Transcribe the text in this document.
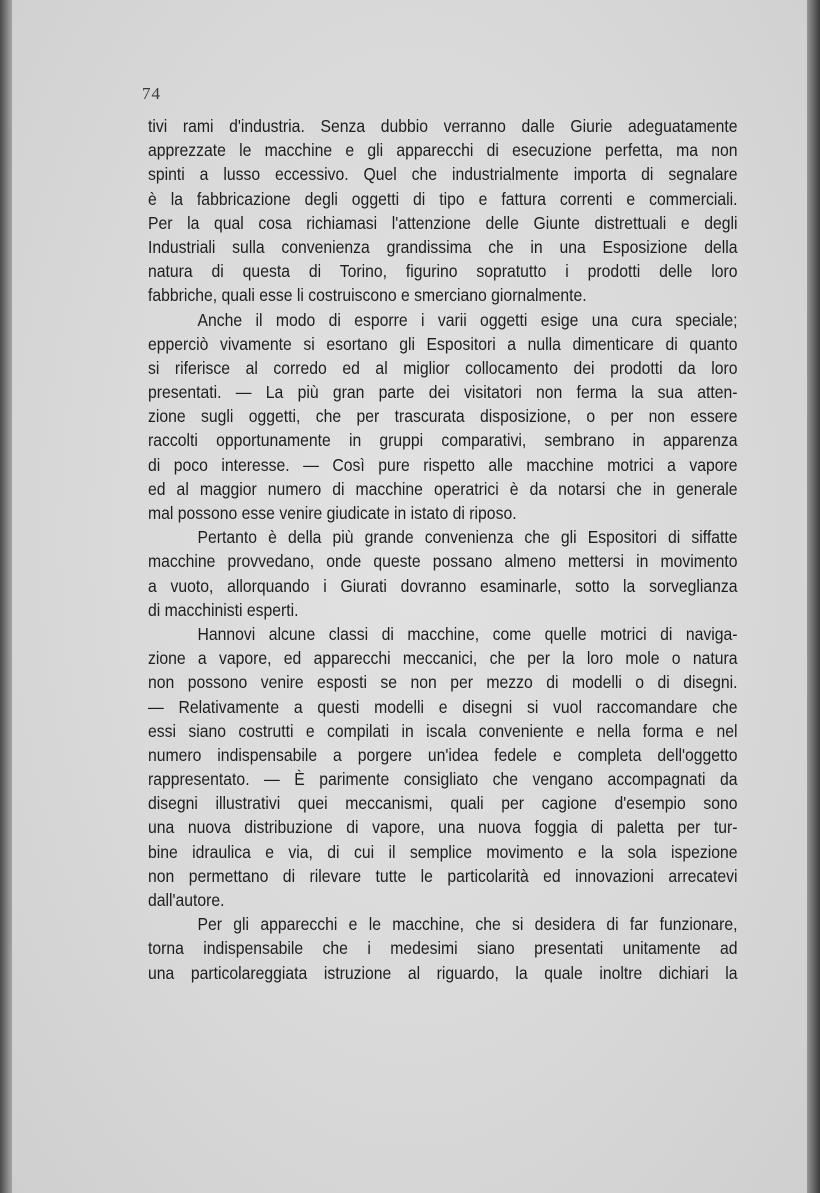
74
tivi rami d'industria. Senza dubbio verranno dalle Giurie adeguatamente
apprezzate le macchine e gli apparecchi di esecuzione perfetta, ma non
spinti a lusso eccessivo. Quel che industrialmente importa di segnalare
è la fabbricazione degli oggetti di tipo e fattura correnti e commerciali.
Per la qual cosa richiamasi l'attenzione delle Giunte distrettuali e degli
Industriali sulla convenienza grandissima che in una Esposizione della
natura di questa di Torino, figurino sopratutto i prodotti delle loro
fabbriche, quali esse li costruiscono e smerciano giornalmente.
Anche il modo di esporre i varii oggetti esige una cura speciale;
epperciò vivamente si esortano gli Espositori a nulla dimenticare di quanto
si riferisce al corredo ed al miglior collocamento dei prodotti da loro
presentati. — La più gran parte dei visitatori non ferma la sua atten-
zione sugli oggetti, che per trascurata disposizione, o per non essere
raccolti opportunamente in gruppi comparativi, sembrano in apparenza
di poco interesse. — Così pure rispetto alle macchine motrici a vapore
ed al maggior numero di macchine operatrici è da notarsi che in generale
mal possono esse venire giudicate in istato di riposo.
Pertanto è della più grande convenienza che gli Espositori di siffatte
macchine provvedano, onde queste possano almeno mettersi in movimento
a vuoto, allorquando i Giurati dovranno esaminarle, sotto la sorveglianza
di macchinisti esperti.
Hannovi alcune classi di macchine, come quelle motrici di naviga-
zione a vapore, ed apparecchi meccanici, che per la loro mole o natura
non possono venire esposti se non per mezzo di modelli o di disegni.
— Relativamente a questi modelli e disegni si vuol raccomandare che
essi siano costrutti e compilati in iscala conveniente e nella forma e nel
numero indispensabile a porgere un'idea fedele e completa dell'oggetto
rappresentato. — È parimente consigliato che vengano accompagnati da
disegni illustrativi quei meccanismi, quali per cagione d'esempio sono
una nuova distribuzione di vapore, una nuova foggia di paletta per tur-
bine idraulica e via, di cui il semplice movimento e la sola ispezione
non permettano di rilevare tutte le particolarità ed innovazioni arrecatevi
dall'autore.
Per gli apparecchi e le macchine, che si desidera di far funzionare,
torna indispensabile che i medesimi siano presentati unitamente ad
una particolareggiata istruzione al riguardo, la quale inoltre dichiari la
